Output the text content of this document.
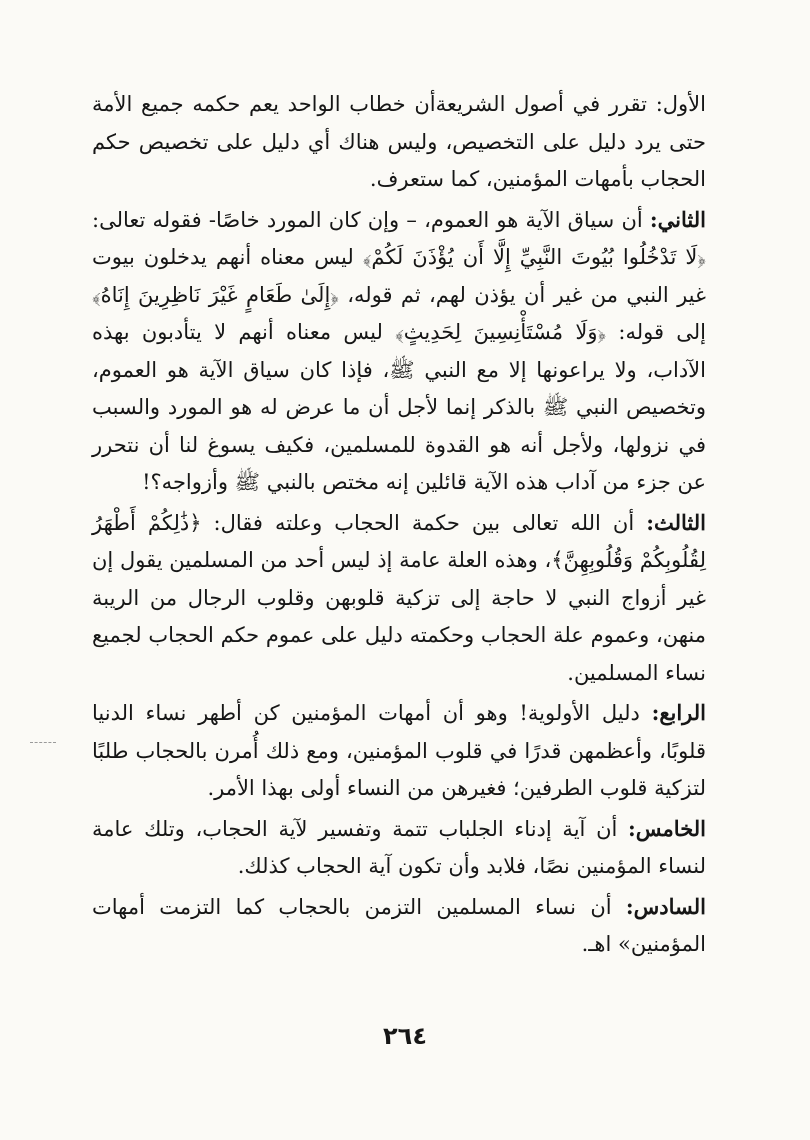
الأول: تقرر في أصول الشريعةأن خطاب الواحد يعم حكمه جميع الأمة حتى يرد دليل على التخصيص، وليس هناك أي دليل على تخصيص حكم الحجاب بأمهات المؤمنين، كما ستعرف.

الثاني: أن سياق الآية هو العموم، – وإن كان المورد خاصًا- فقوله تعالى: ﴿لَا تَدْخُلُوا بُيُوتَ النَّبِيِّ إِلَّا أَن يُؤْذَنَ لَكُمْ﴾ ليس معناه أنهم يدخلون بيوت غير النبي من غير أن يؤذن لهم، ثم قوله، ﴿إِلَىٰ طَعَامٍ غَيْرَ نَاظِرِينَ إِنَاهُ﴾ إلى قوله: ﴿وَلَا مُسْتَأْنِسِينَ لِحَدِيثٍ﴾ ليس معناه أنهم لا يتأدبون بهذه الآداب، ولا يراعونها إلا مع النبي ﷺ، فإذا كان سياق الآية هو العموم، وتخصيص النبي ﷺ بالذكر إنما لأجل أن ما عرض له هو المورد والسبب في نزولها، ولأجل أنه هو القدوة للمسلمين، فكيف يسوغ لنا أن نتحرر عن جزء من آداب هذه الآية قائلين إنه مختص بالنبي ﷺ وأزواجه؟!

الثالث: أن الله تعالى بين حكمة الحجاب وعلته فقال: ﴿ذَٰلِكُمْ أَطْهَرُ لِقُلُوبِكُمْ وَقُلُوبِهِنَّ﴾، وهذه العلة عامة إذ ليس أحد من المسلمين يقول إن غير أزواج النبي لا حاجة إلى تزكية قلوبهن وقلوب الرجال من الريبة منهن، وعموم علة الحجاب وحكمته دليل على عموم حكم الحجاب لجميع نساء المسلمين.

الرابع: دليل الأولوية! وهو أن أمهات المؤمنين كن أطهر نساء الدنيا قلوبًا، وأعظمهن قدرًا في قلوب المؤمنين، ومع ذلك أُمرن بالحجاب طلبًا لتزكية قلوب الطرفين؛ فغيرهن من النساء أولى بهذا الأمر.

الخامس: أن آية إدناء الجلباب تتمة وتفسير لآية الحجاب، وتلك عامة لنساء المؤمنين نصًا، فلابد وأن تكون آية الحجاب كذلك.

السادس: أن نساء المسلمين التزمن بالحجاب كما التزمت أمهات المؤمنين» اهـ.

٢٦٤
